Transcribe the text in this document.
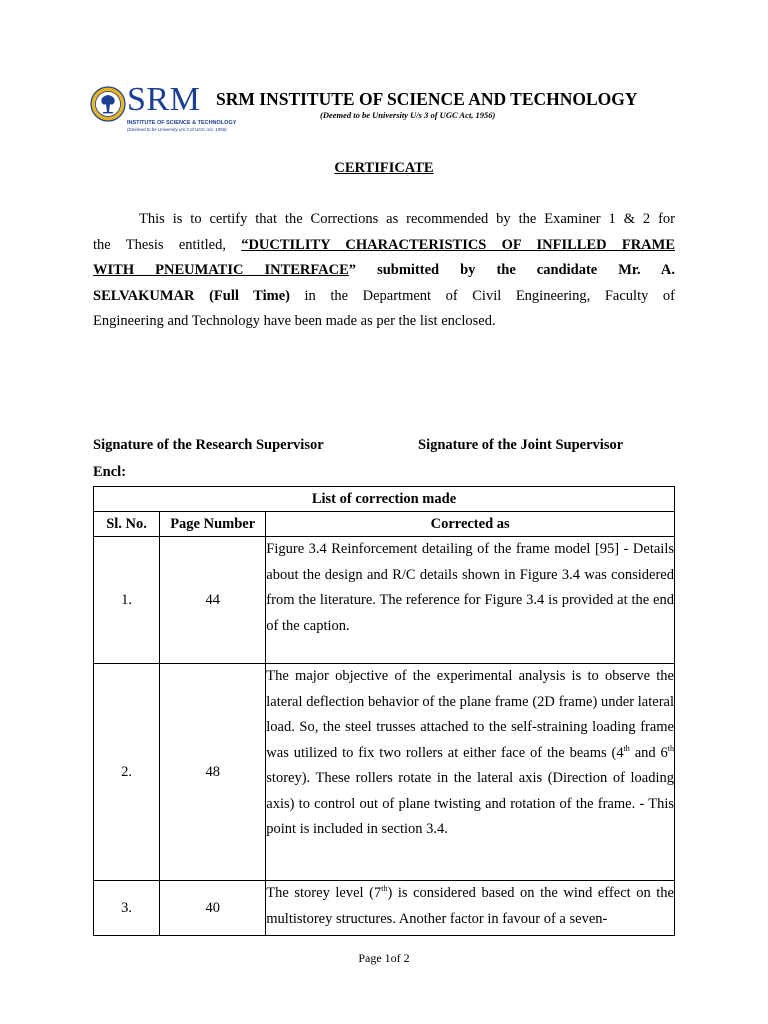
SRM
INSTITUTE OF SCIENCE & TECHNOLOGY
(Deemed to be University u/s 3 of UGC Act, 1956)
SRM INSTITUTE OF SCIENCE AND TECHNOLOGY
(Deemed to be University U/s 3 of UGC Act, 1956)
CERTIFICATE
This is to certify that the Corrections as recommended by the Examiner 1 & 2 for
the Thesis entitled, “DUCTILITY CHARACTERISTICS OF INFILLED FRAME
WITH PNEUMATIC INTERFACE” submitted by the candidate Mr. A.
SELVAKUMAR (Full Time) in the Department of Civil Engineering, Faculty of
Engineering and Technology have been made as per the list enclosed.
Signature of the Research Supervisor	Signature of the Joint Supervisor
Encl:
List of correction made		
Sl. No.	Page Number	Corrected as
1.	44	Figure 3.4 Reinforcement detailing of the frame model [95] - Details about the design and R/C details shown in Figure 3.4 was considered from the literature. The reference for Figure 3.4 is provided at the end of the caption.
2.	48	The major objective of the experimental analysis is to observe the lateral deflection behavior of the plane frame (2D frame) under lateral load. So, the steel trusses attached to the self-straining loading frame was utilized to fix two rollers at either face of the beams (4th and 6th storey). These rollers rotate in the lateral axis (Direction of loading axis) to control out of plane twisting and rotation of the frame. - This point is included in section 3.4.
3.	40	The storey level (7th) is considered based on the wind effect on the multistorey structures. Another factor in favour of a seven-
Page 1of 2
